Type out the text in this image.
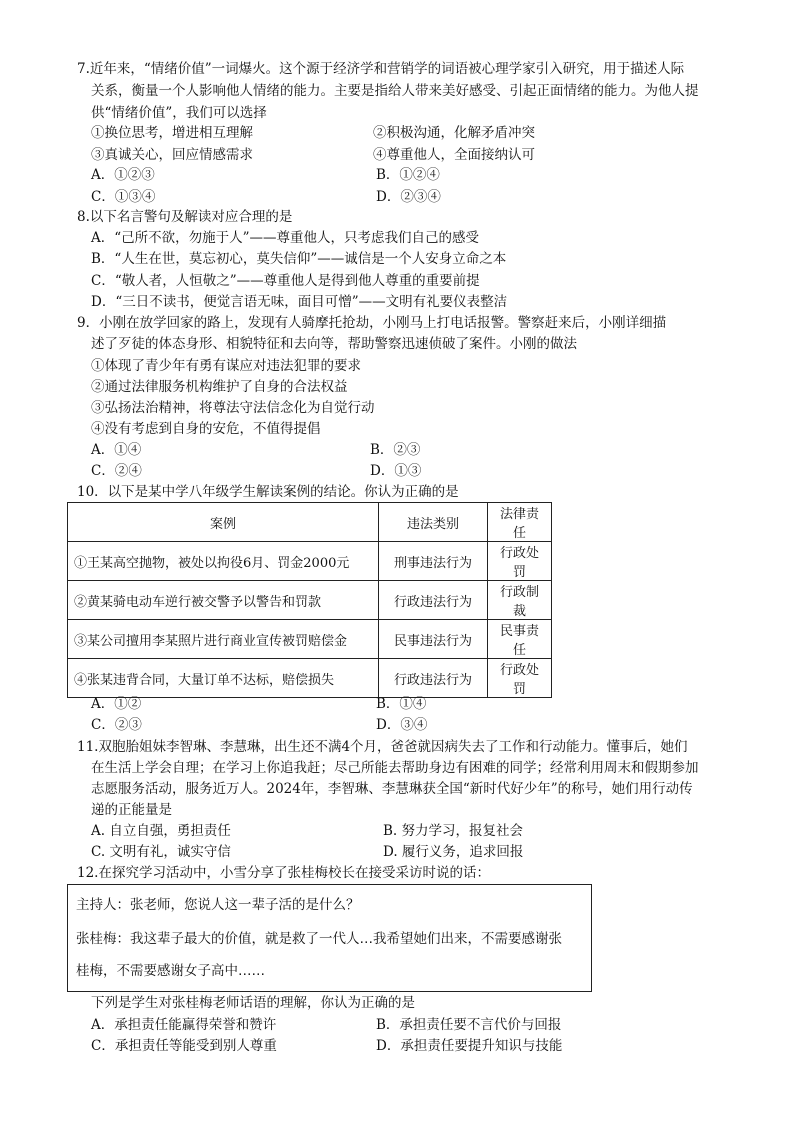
7.近年来，“情绪价值”一词爆火。这个源于经济学和营销学的词语被心理学家引入研究，用于描述人际
关系，衡量一个人影响他人情绪的能力。主要是指给人带来美好感受、引起正面情绪的能力。为他人提
供“情绪价值”，我们可以选择
①换位思考，增进相互理解	②积极沟通，化解矛盾冲突
③真诚关心，回应情感需求	④尊重他人，全面接纳认可
A．①②③	B．①②④
C．①③④	D．②③④
8.以下名言警句及解读对应合理的是
A．“己所不欲，勿施于人”——尊重他人，只考虑我们自己的感受
B．“人生在世，莫忘初心，莫失信仰”——诚信是一个人安身立命之本
C．“敬人者，人恒敬之”——尊重他人是得到他人尊重的重要前提
D．“三日不读书，便觉言语无味，面目可憎”——文明有礼要仪表整洁
9．小刚在放学回家的路上，发现有人骑摩托抢劫，小刚马上打电话报警。警察赶来后，小刚详细描
述了歹徒的体态身形、相貌特征和去向等，帮助警察迅速侦破了案件。小刚的做法
①体现了青少年有勇有谋应对违法犯罪的要求
②通过法律服务机构维护了自身的合法权益
③弘扬法治精神，将尊法守法信念化为自觉行动
④没有考虑到自身的安危，不值得提倡
A．①④	B．②③
C．②④	D．①③
10．以下是某中学八年级学生解读案例的结论。你认为正确的是
案例	违法类别	法律责任
①王某高空抛物，被处以拘役6月、罚金2000元	刑事违法行为	行政处罚
②黄某骑电动车逆行被交警予以警告和罚款	行政违法行为	行政制裁
③某公司擅用李某照片进行商业宣传被罚赔偿金	民事违法行为	民事责任
④张某违背合同，大量订单不达标，赔偿损失	行政违法行为	行政处罚
A．①②	B．①④
C．②③	D．③④
11.双胞胎姐妹李智琳、李慧琳，出生还不满4个月，爸爸就因病失去了工作和行动能力。懂事后，她们
在生活上学会自理；在学习上你追我赶；尽己所能去帮助身边有困难的同学；经常利用周末和假期参加
志愿服务活动，服务近万人。2024年，李智琳、李慧琳获全国“新时代好少年”的称号，她们用行动传
递的正能量是
A. 自立自强，勇担责任	B. 努力学习，报复社会
C. 文明有礼，诚实守信	D. 履行义务，追求回报
12.在探究学习活动中，小雪分享了张桂梅校长在接受采访时说的话：
主持人：张老师，您说人这一辈子活的是什么？
张桂梅：我这辈子最大的价值，就是救了一代人…我希望她们出来，不需要感谢张
桂梅，不需要感谢女子高中……
下列是学生对张桂梅老师话语的理解，你认为正确的是
A．承担责任能赢得荣誉和赞许	B．承担责任要不言代价与回报
C．承担责任等能受到别人尊重	D．承担责任要提升知识与技能
